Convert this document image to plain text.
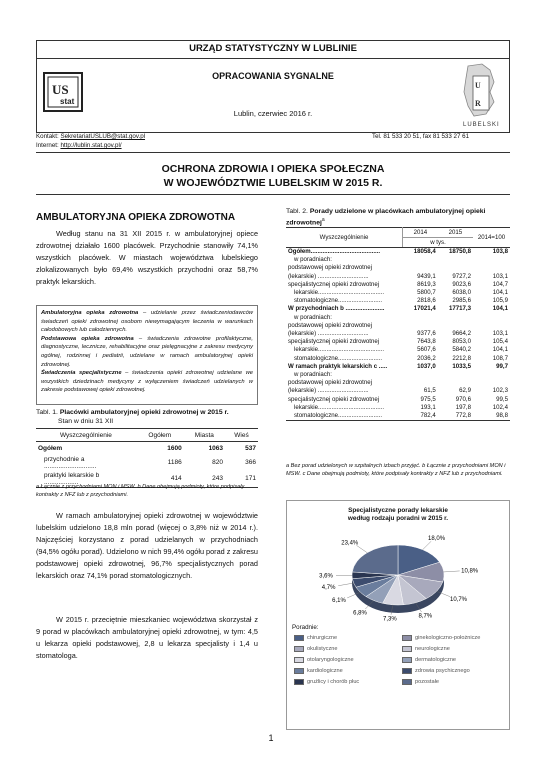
URZĄD STATYSTYCZNY W LUBLINIE
OPRACOWANIA SYGNALNE
Lublin, czerwiec 2016 r.
US
stat
U
R
LUBELSKI
Kontakt: SekretariatUSLUB@stat.gov.pl	Tel. 81 533 20 51, fax 81 533 27 61
Internet: http://lublin.stat.gov.pl/
OCHRONA ZDROWIA I OPIEKA SPOŁECZNA
W WOJEWÓDZTWIE LUBELSKIM W 2015 R.
AMBULATORYJNA OPIEKA ZDROWOTNA
Według stanu na 31 XII 2015 r. w ambulatoryjnej opiece zdrowotnej działało 1600 placówek. Przychodnie stanowiły 74,1% wszystkich placówek. W miastach województwa lubelskiego zlokalizowanych było 69,4% wszystkich przychodni oraz 58,7% praktyk lekarskich.

Ambulatoryjna opieka zdrowotna – udzielanie przez świadczeniodawców świadczeń opieki zdrowotnej osobom niewymagającym leczenia w warunkach całodobowych lub całodziennych.

Podstawowa opieka zdrowotna – świadczenia zdrowotne profilaktyczne, diagnostyczne, lecznicze, rehabilitacyjne oraz pielęgnacyjne z zakresu medycyny ogólnej, rodzinnej i pediatrii, udzielane w ramach ambulatoryjnej opieki zdrowotnej.

Świadczenia specjalistyczne – świadczenia opieki zdrowotnej udzielane we wszystkich dziedzinach medycyny z wyłączeniem świadczeń udzielanych w zakresie podstawowej opieki zdrowotnej.

Tabl. 1. Placówki ambulatoryjnej opieki zdrowotnej w 2015 r.
Stan w dniu 31 XII
Wyszczególnienie	Ogółem	Miasta	Wieś
Ogółem	1600	1063	537
przychodnie a .............................	1186	820	366
praktyki lekarskie b ...................	414	243	171
a Łącznie z przychodniami MON i MSW. b Dane obejmują podmioty, które podpisały kontrakty z NFZ lub z przychodniami.
W ramach ambulatoryjnej opieki zdrowotnej w województwie lubelskim udzielono 18,8 mln porad (więcej o 3,8% niż w 2014 r.). Najczęściej korzystano z porad udzielanych w przychodniach (94,5% ogółu porad). Udzielono w nich 99,4% ogółu porad z zakresu podstawowej opieki zdrowotnej, 96,7% specjalistycznych porad lekarskich oraz 74,1% porad stomatologicznych.
W 2015 r. przeciętnie mieszkaniec województwa skorzystał z 9 porad w placówkach ambulatoryjnej opieki zdrowotnej, w tym: 4,5 u lekarza opieki podstawowej, 2,8 u lekarza specjalisty i 1,4 u stomatologa.
Tabl. 2. Porady udzielone w placówkach ambulatoryjnej opieki zdrowotnej$^a$
Wyszczególnienie	2014	2015	2014=100
	w tys.		
Ogółem.........................................	18058,4	18750,8	103,8
w poradniach:			
podstawowej opieki zdrowotnej (lekarskie) ..............................	9439,1	9727,2	103,1
specjalistycznej opieki zdrowotnej	8619,3	9023,6	104,7
lekarskie.......................................	5800,7	6038,0	104,1
stomatologiczne..........................	2818,6	2985,6	105,9
W przychodniach b .......................	17021,4	17717,3	104,1
w poradniach:			
podstawowej opieki zdrowotnej (lekarskie) ..............................	9377,6	9664,2	103,1
specjalistycznej opieki zdrowotnej	7643,8	8053,0	105,4
lekarskie.......................................	5607,6	5840,2	104,1
stomatologiczne..........................	2036,2	2212,8	108,7
W ramach praktyk lekarskich c .....	1037,0	1033,5	99,7
w poradniach:			
podstawowej opieki zdrowotnej (lekarskie) ..............................	61,5	62,9	102,3
specjalistycznej opieki zdrowotnej	975,5	970,6	99,5
lekarskie.......................................	193,1	197,8	102,4
stomatologiczne..........................	782,4	772,8	98,8
a Bez porad udzielonych w szpitalnych izbach przyjęć. b Łącznie z przychodniami MON i MSW. c Dane obejmują podmioty, które podpisały kontrakty z NFZ lub z przychodniami.
Specjalistyczne porady lekarskie według rodzaju poradni w 2015 r.
18,0%
10,8%
10,7%
8,7%
7,3%
6,8%
6,1%
4,7%
3,6%
23,4%
Poradnie:
chirurgiczne	ginekologiczno-położnicze
okulistyczne	neurologiczne
otolaryngologiczne	dermatologiczne
kardiologiczne	zdrowia psychicznego
gruźlicy i chorób płuc	pozostałe
1
